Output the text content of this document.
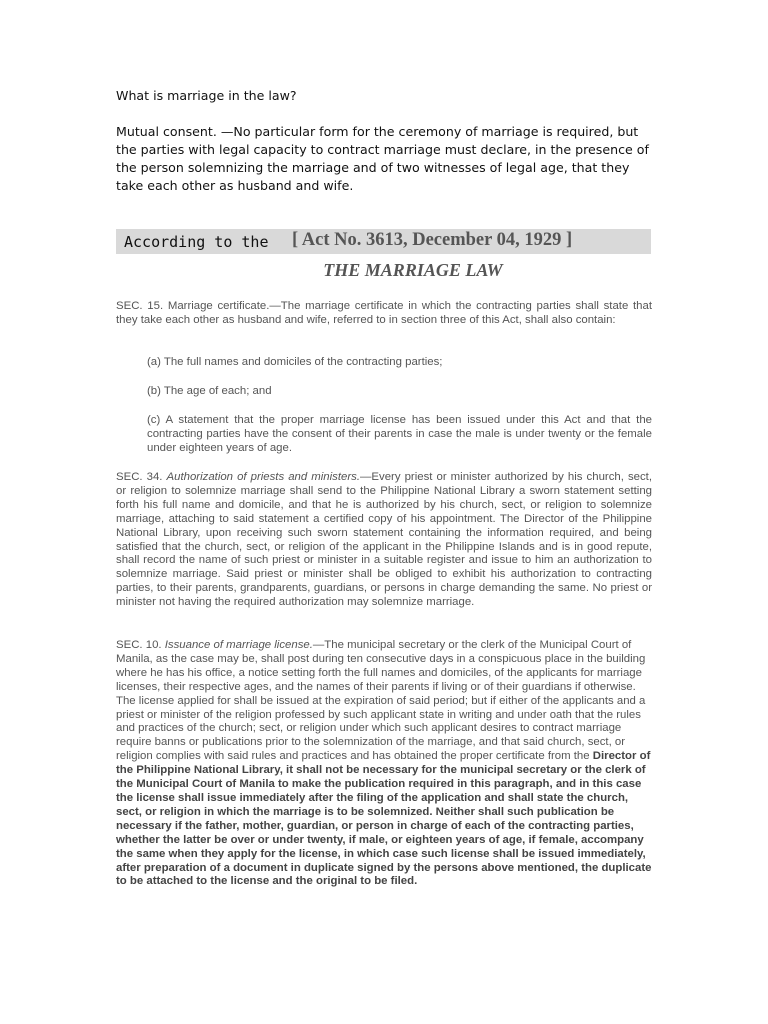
What is marriage in the law?
Mutual consent. —No particular form for the ceremony of marriage is required, but the parties with legal capacity to contract marriage must declare, in the presence of the person solemnizing the marriage and of two witnesses of legal age, that they take each other as husband and wife.
According to the [ Act No. 3613, December 04, 1929 ]
THE MARRIAGE LAW

SEC. 15. Marriage certificate.—The marriage certificate in which the contracting parties shall state that they take each other as husband and wife, referred to in section three of this Act, shall also contain:

(a) The full names and domiciles of the contracting parties;

(b) The age of each; and

(c) A statement that the proper marriage license has been issued under this Act and that the contracting parties have the consent of their parents in case the male is under twenty or the female under eighteen years of age.

SEC. 34. Authorization of priests and ministers.—Every priest or minister authorized by his church, sect, or religion to solemnize marriage shall send to the Philippine National Library a sworn statement setting forth his full name and domicile, and that he is authorized by his church, sect, or religion to solemnize marriage, attaching to said statement a certified copy of his appointment. The Director of the Philippine National Library, upon receiving such sworn statement containing the information required, and being satisfied that the church, sect, or religion of the applicant in the Philippine Islands and is in good repute, shall record the name of such priest or minister in a suitable register and issue to him an authorization to solemnize marriage. Said priest or minister shall be obliged to exhibit his authorization to contracting parties, to their parents, grandparents, guardians, or persons in charge demanding the same. No priest or minister not having the required authorization may solemnize marriage.

SEC. 10. Issuance of marriage license.—The municipal secretary or the clerk of the Municipal Court of Manila, as the case may be, shall post during ten consecutive days in a conspicuous place in the building where he has his office, a notice setting forth the full names and domiciles, of the applicants for marriage licenses, their respective ages, and the names of their parents if living or of their guardians if otherwise. The license applied for shall be issued at the expiration of said period; but if either of the applicants and a priest or minister of the religion professed by such applicant state in writing and under oath that the rules and practices of the church; sect, or religion under which such applicant desires to contract marriage require banns or publications prior to the solemnization of the marriage, and that said church, sect, or religion complies with said rules and practices and has obtained the proper certificate from the Director of the Philippine National Library, it shall not be necessary for the municipal secretary or the clerk of the Municipal Court of Manila to make the publication required in this paragraph, and in this case the license shall issue immediately after the filing of the application and shall state the church, sect, or religion in which the marriage is to be solemnized. Neither shall such publication be necessary if the father, mother, guardian, or person in charge of each of the contracting parties, whether the latter be over or under twenty, if male, or eighteen years of age, if female, accompany the same when they apply for the license, in which case such license shall be issued immediately, after preparation of a document in duplicate signed by the persons above mentioned, the duplicate to be attached to the license and the original to be filed.
